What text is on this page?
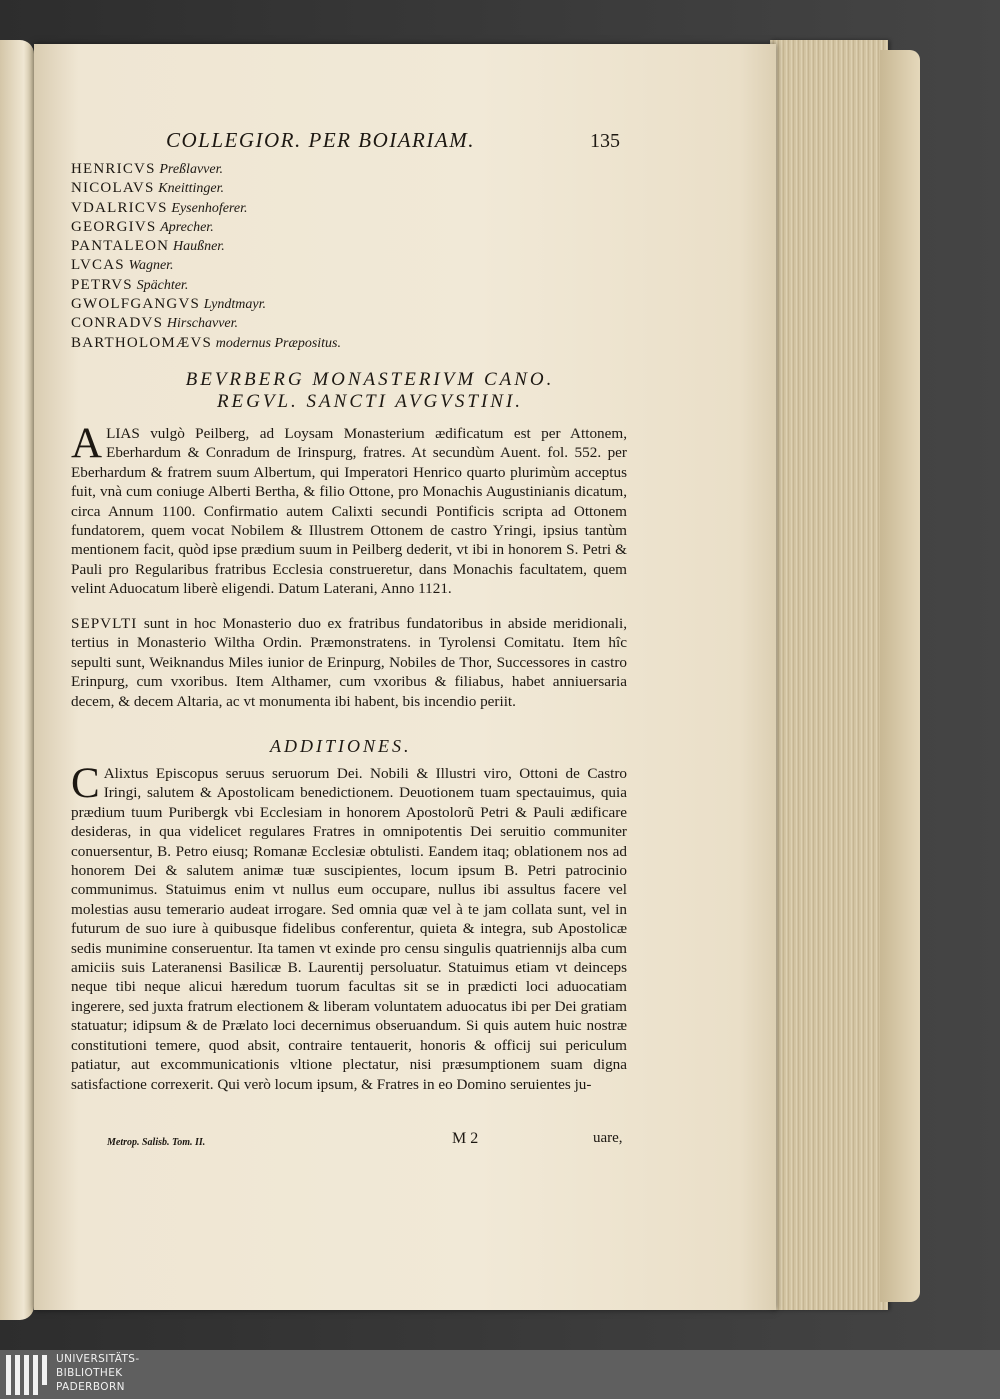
COLLEGIOR. PER BOIARIAM.	135
HENRICVS Preßlavver.
NICOLAVS Kneittinger.
VDALRICVS Eysenhoferer.
GEORGIVS Aprecher.
PANTALEON Haußner.
LVCAS Wagner.
PETRVS Spächter.
GWOLFGANGVS Lyndtmayr.
CONRADVS Hirschavver.
BARTHOLOMÆVS modernus Præpositus.
BEVRBERG MONASTERIVM CANO.
REGVL. SANCTI AVGVSTINI.
ALIAS vulgò Peilberg, ad Loysam Monasterium ædificatum est per Attonem, Eberhardum & Conradum de Irinspurg, fratres. At secundùm Auent. fol. 552. per Eberhardum & fratrem suum Albertum, qui Imperatori Henrico quarto plurimùm acceptus fuit, vnà cum coniuge Alberti Bertha, & filio Ottone, pro Monachis Augustinianis dicatum, circa Annum 1100. Confirmatio autem Calixti secundi Pontificis scripta ad Ottonem fundatorem, quem vocat Nobilem & Illustrem Ottonem de castro Yringi, ipsius tantùm mentionem facit, quòd ipse prædium suum in Peilberg dederit, vt ibi in honorem S. Petri & Pauli pro Regularibus fratribus Ecclesia construeretur, dans Monachis facultatem, quem velint Aduocatum liberè eligendi. Datum Laterani, Anno 1121.
SEPVLTI sunt in hoc Monasterio duo ex fratribus fundatoribus in abside meridionali, tertius in Monasterio Wiltha Ordin. Præmonstratens. in Tyrolensi Comitatu. Item hîc sepulti sunt, Weiknandus Miles iunior de Erinpurg, Nobiles de Thor, Successores in castro Erinpurg, cum vxoribus. Item Althamer, cum vxoribus & filiabus, habet anniuersaria decem, & decem Altaria, ac vt monumenta ibi habent, bis incendio periit.
ADDITIONES.
C Alixtus Episcopus seruus seruorum Dei. Nobili & Illustri viro, Ottoni de Castro Iringi, salutem & Apostolicam benedictionem. Deuotionem tuam spectauimus, quia prædium tuum Puribergk vbi Ecclesiam in honorem Apostolorũ Petri & Pauli ædificare desideras, in qua videlicet regulares Fratres in omnipotentis Dei seruitio communiter conuersentur, B. Petro eiusq; Romanæ Ecclesiæ obtulisti. Eandem itaq; oblationem nos ad honorem Dei & salutem animæ tuæ suscipientes, locum ipsum B. Petri patrocinio communimus. Statuimus enim vt nullus eum occupare, nullus ibi assultus facere vel molestias ausu temerario audeat irrogare. Sed omnia quæ vel à te jam collata sunt, vel in futurum de suo iure à quibusque fidelibus conferentur, quieta & integra, sub Apostolicæ sedis munimine conseruentur. Ita tamen vt exinde pro censu singulis quatriennijs alba cum amiciis suis Lateranensi Basilicæ B. Laurentij persoluatur. Statuimus etiam vt deinceps neque tibi neque alicui hæredum tuorum facultas sit se in prædicti loci aduocatiam ingerere, sed juxta fratrum electionem & liberam voluntatem aduocatus ibi per Dei gratiam statuatur; idipsum & de Prælato loci decernimus obseruandum. Si quis autem huic nostræ constitutioni temere, quod absit, contraire tentauerit, honoris & officij sui periculum patiatur, aut excommunicationis vltione plectatur, nisi præsumptionem suam digna satisfactione correxerit. Qui verò locum ipsum, & Fratres in eo Domino seruientes ju-
Metrop. Salisb. Tom. II.	M 2	uare,
UNIVERSITÄTS-
BIBLIOTHEK
PADERBORN
